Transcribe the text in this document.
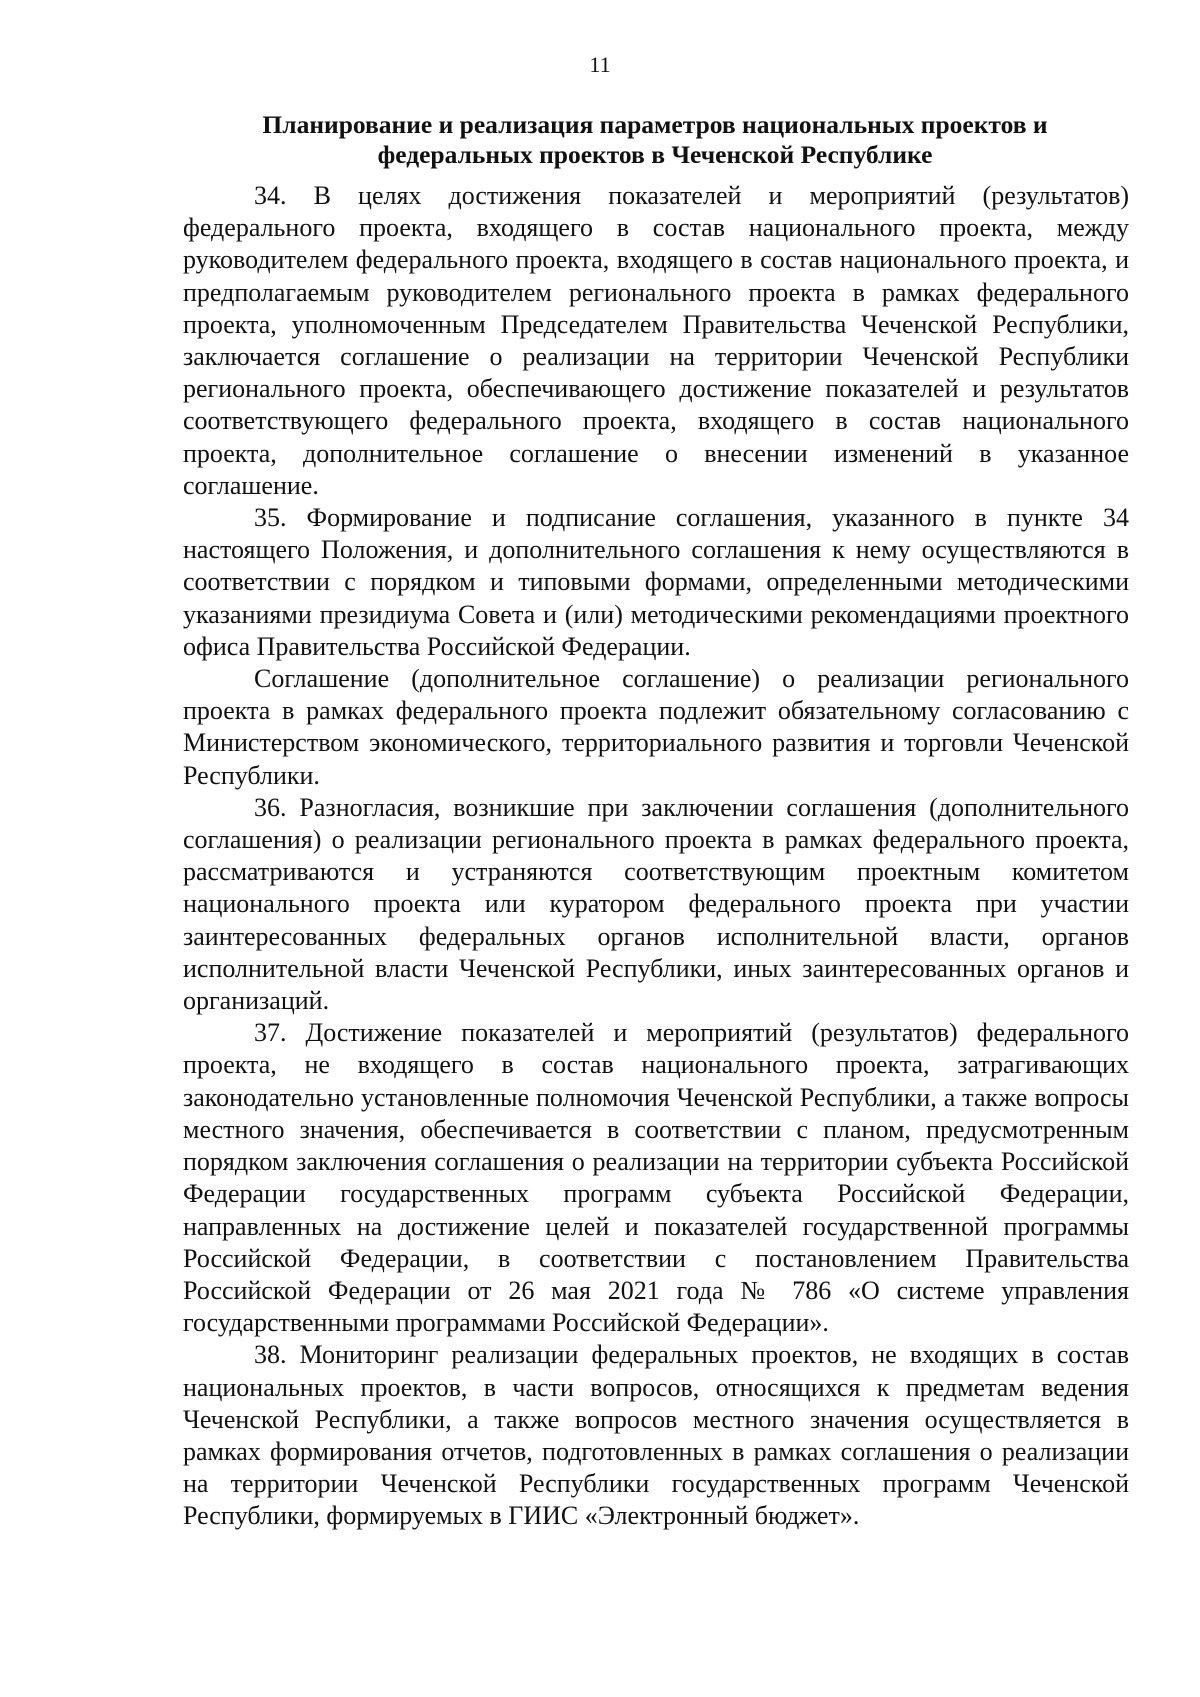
11
Планирование и реализация параметров национальных проектов и
федеральных проектов в Чеченской Республике

34. В целях достижения показателей и мероприятий (результатов) федерального проекта, входящего в состав национального проекта, между руководителем федерального проекта, входящего в состав национального проекта, и предполагаемым руководителем регионального проекта в рамках федерального проекта, уполномоченным Председателем Правительства Чеченской Республики, заключается соглашение о реализации на территории Чеченской Республики регионального проекта, обеспечивающего достижение показателей и результатов соответствующего федерального проекта, входящего в состав национального проекта, дополнительное соглашение о внесении изменений в указанное соглашение.

35. Формирование и подписание соглашения, указанного в пункте 34 настоящего Положения, и дополнительного соглашения к нему осуществляются в соответствии с порядком и типовыми формами, определенными методическими указаниями президиума Совета и (или) методическими рекомендациями проектного офиса Правительства Российской Федерации.

Соглашение (дополнительное соглашение) о реализации регионального проекта в рамках федерального проекта подлежит обязательному согласованию с Министерством экономического, территориального развития и торговли Чеченской Республики.

36. Разногласия, возникшие при заключении соглашения (дополнительного соглашения) о реализации регионального проекта в рамках федерального проекта, рассматриваются и устраняются соответствующим проектным комитетом национального проекта или куратором федерального проекта при участии заинтересованных федеральных органов исполнительной власти, органов исполнительной власти Чеченской Республики, иных заинтересованных органов и организаций.

37. Достижение показателей и мероприятий (результатов) федерального проекта, не входящего в состав национального проекта, затрагивающих законодательно установленные полномочия Чеченской Республики, а также вопросы местного значения, обеспечивается в соответствии с планом, предусмотренным порядком заключения соглашения о реализации на территории субъекта Российской Федерации государственных программ субъекта Российской Федерации, направленных на достижение целей и показателей государственной программы Российской Федерации, в соответствии с постановлением Правительства Российской Федерации от 26 мая 2021 года № 786 «О системе управления государственными программами Российской Федерации».

38. Мониторинг реализации федеральных проектов, не входящих в состав национальных проектов, в части вопросов, относящихся к предметам ведения Чеченской Республики, а также вопросов местного значения осуществляется в рамках формирования отчетов, подготовленных в рамках соглашения о реализации на территории Чеченской Республики государственных программ Чеченской Республики, формируемых в ГИИС «Электронный бюджет».
